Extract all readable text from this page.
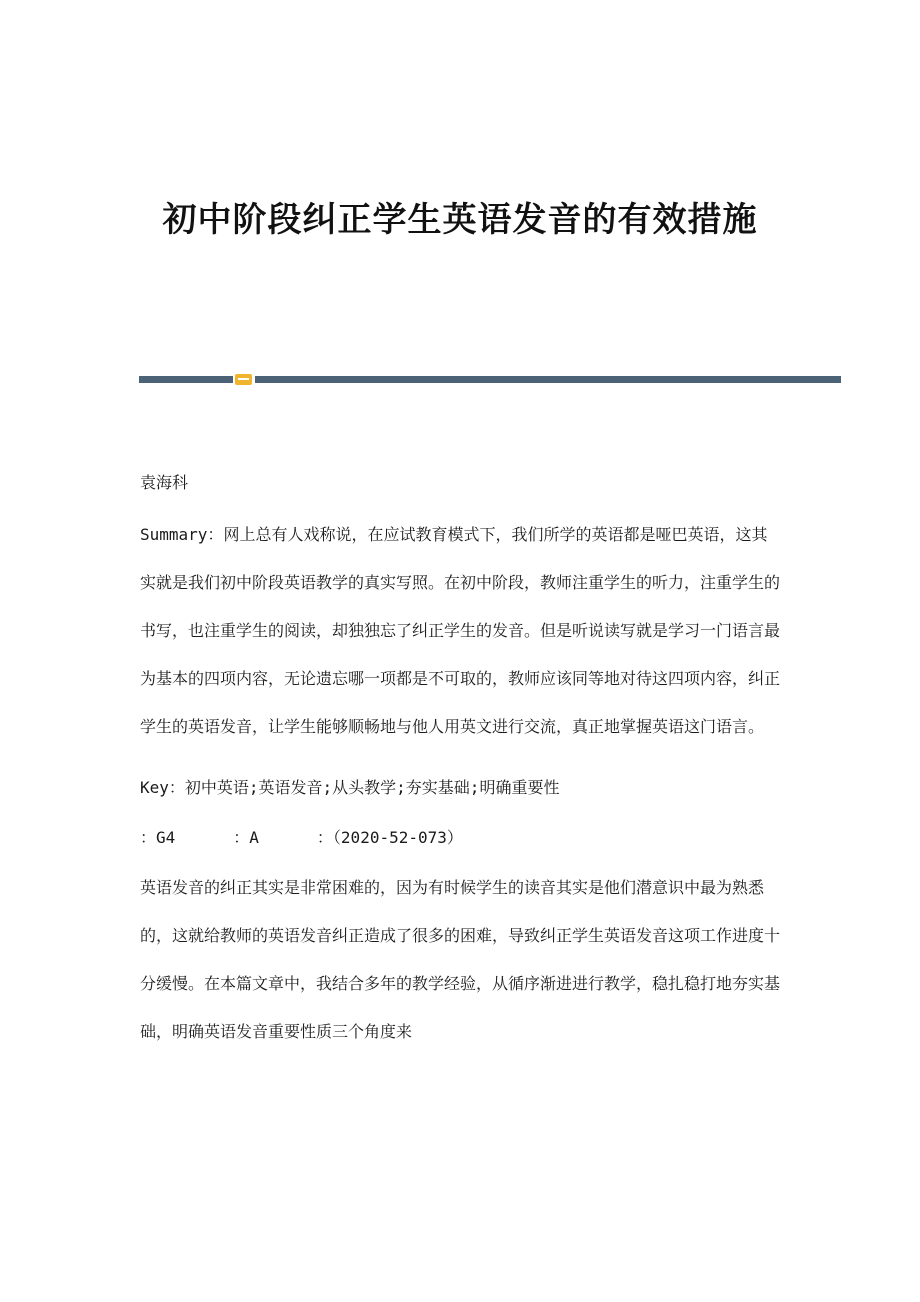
初中阶段纠正学生英语发音的有效措施

袁海科

Summary：网上总有人戏称说，在应试教育模式下，我们所学的英语都是哑巴英语，这其实就是我们初中阶段英语教学的真实写照。在初中阶段，教师注重学生的听力，注重学生的书写，也注重学生的阅读，却独独忘了纠正学生的发音。但是听说读写就是学习一门语言最为基本的四项内容，无论遗忘哪一项都是不可取的，教师应该同等地对待这四项内容，纠正学生的英语发音，让学生能够顺畅地与他人用英文进行交流，真正地掌握英语这门语言。

Key：初中英语;英语发音;从头教学;夯实基础;明确重要性

：G4	：A	：（2020-52-073）

英语发音的纠正其实是非常困难的，因为有时候学生的读音其实是他们潜意识中最为熟悉的，这就给教师的英语发音纠正造成了很多的困难，导致纠正学生英语发音这项工作进度十分缓慢。在本篇文章中，我结合多年的教学经验，从循序渐进进行教学，稳扎稳打地夯实基础，明确英语发音重要性质三个角度来
